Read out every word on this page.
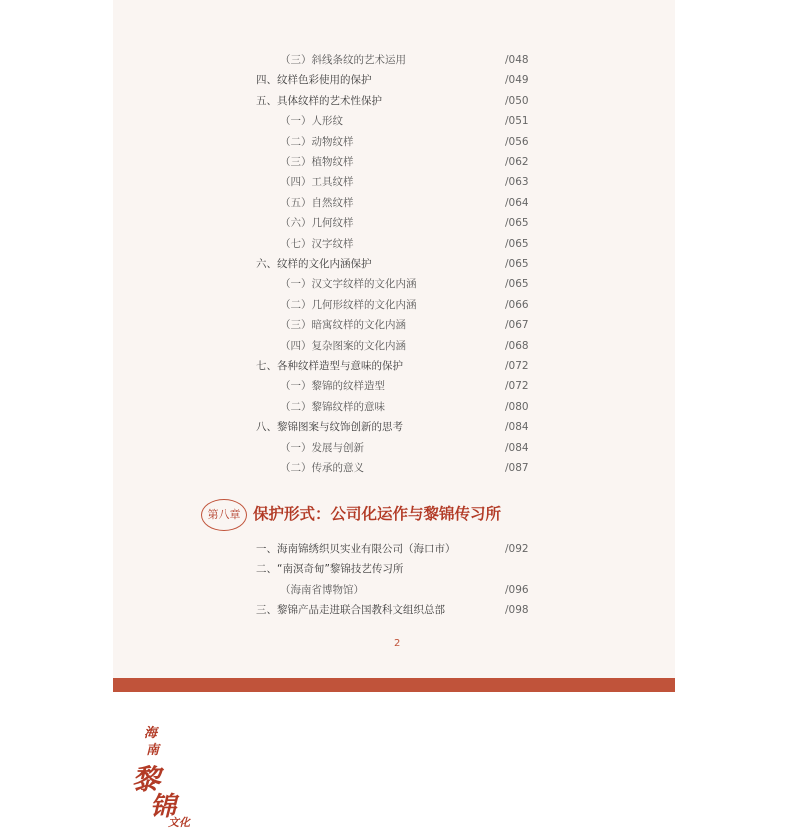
第八章 保护形式：公司化运作与黎锦传习所
2
（三）斜线条纹的艺术运用	/048
四、纹样色彩使用的保护	/049
五、具体纹样的艺术性保护	/050
（一）人形纹	/051
（二）动物纹样	/056
（三）植物纹样	/062
（四）工具纹样	/063
（五）自然纹样	/064
（六）几何纹样	/065
（七）汉字纹样	/065
六、纹样的文化内涵保护	/065
（一）汉文字纹样的文化内涵	/065
（二）几何形纹样的文化内涵	/066
（三）暗寓纹样的文化内涵	/067
（四）复杂图案的文化内涵	/068
七、各种纹样造型与意味的保护	/072
（一）黎锦的纹样造型	/072
（二）黎锦纹样的意味	/080
八、黎锦图案与纹饰创新的思考	/084
（一）发展与创新	/084
（二）传承的意义	/087
一、海南锦绣织贝实业有限公司（海口市）	/092
二、“南溟奇甸”黎锦技艺传习所
（海南省博物馆）	/096
三、黎锦产品走进联合国教科文组织总部	/098
海
南
黎
锦
文化
